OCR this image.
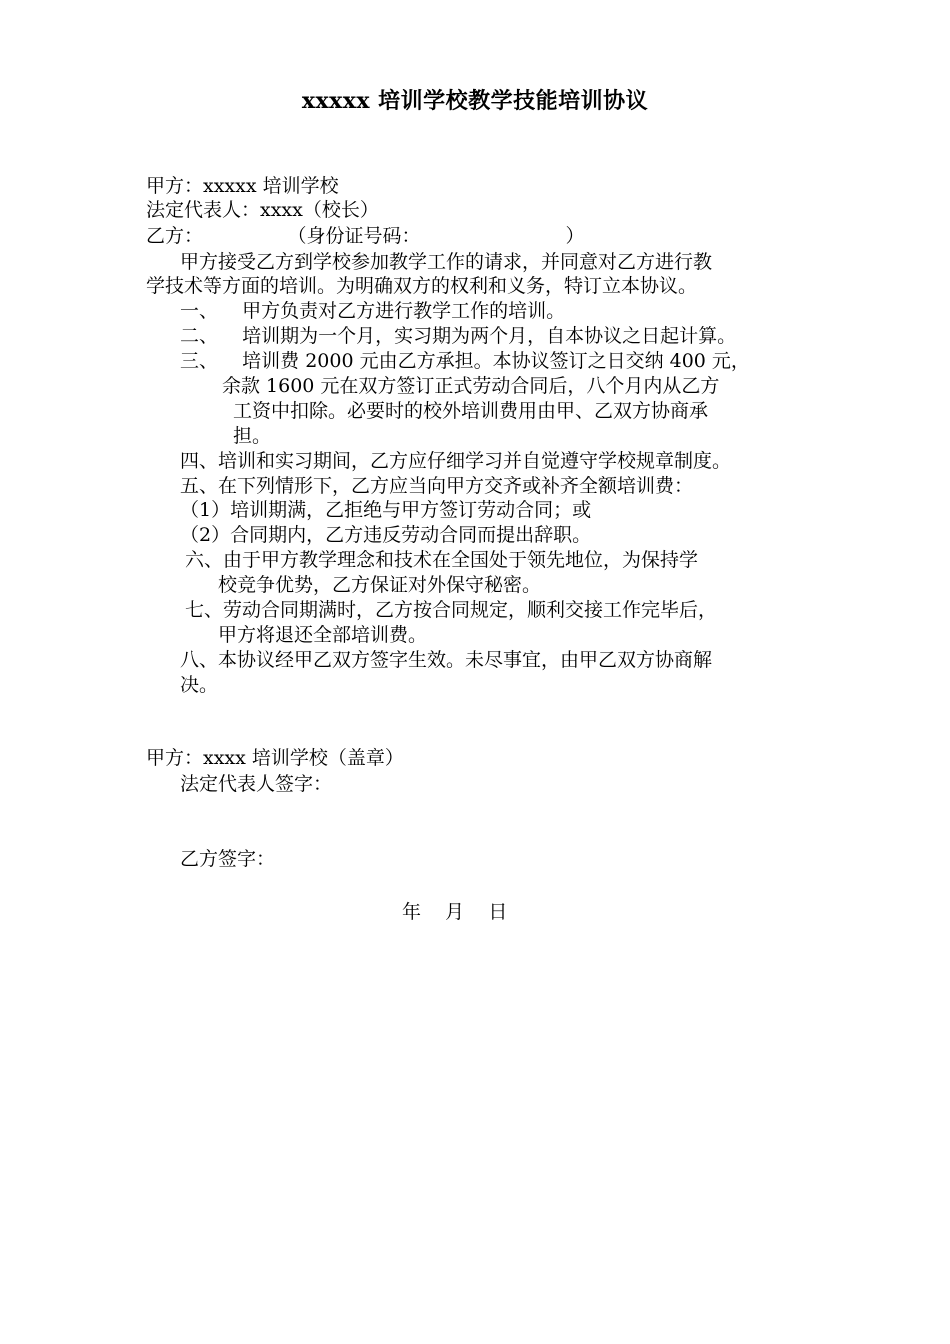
xxxxx 培训学校教学技能培训协议
甲方：xxxxx 培训学校
法定代表人：xxxx（校长）
乙方：              （身份证号码：                        ）
甲方接受乙方到学校参加教学工作的请求，并同意对乙方进行教
学技术等方面的培训。为明确双方的权利和义务，特订立本协议。
一、    甲方负责对乙方进行教学工作的培训。
二、    培训期为一个月，实习期为两个月，自本协议之日起计算。
三、    培训费 2000 元由乙方承担。本协议签订之日交纳 400 元，
余款 1600 元在双方签订正式劳动合同后，八个月内从乙方
工资中扣除。必要时的校外培训费用由甲、乙双方协商承
担。
四、培训和实习期间，乙方应仔细学习并自觉遵守学校规章制度。
五、在下列情形下，乙方应当向甲方交齐或补齐全额培训费：
（1）培训期满，乙拒绝与甲方签订劳动合同；或
（2）合同期内，乙方违反劳动合同而提出辞职。
六、由于甲方教学理念和技术在全国处于领先地位，为保持学
校竞争优势，乙方保证对外保守秘密。
七、劳动合同期满时，乙方按合同规定，顺利交接工作完毕后，
甲方将退还全部培训费。
八、本协议经甲乙双方签字生效。未尽事宜，由甲乙双方协商解
决。
甲方：xxxx 培训学校（盖章）
法定代表人签字：
乙方签字：
年    月    日
